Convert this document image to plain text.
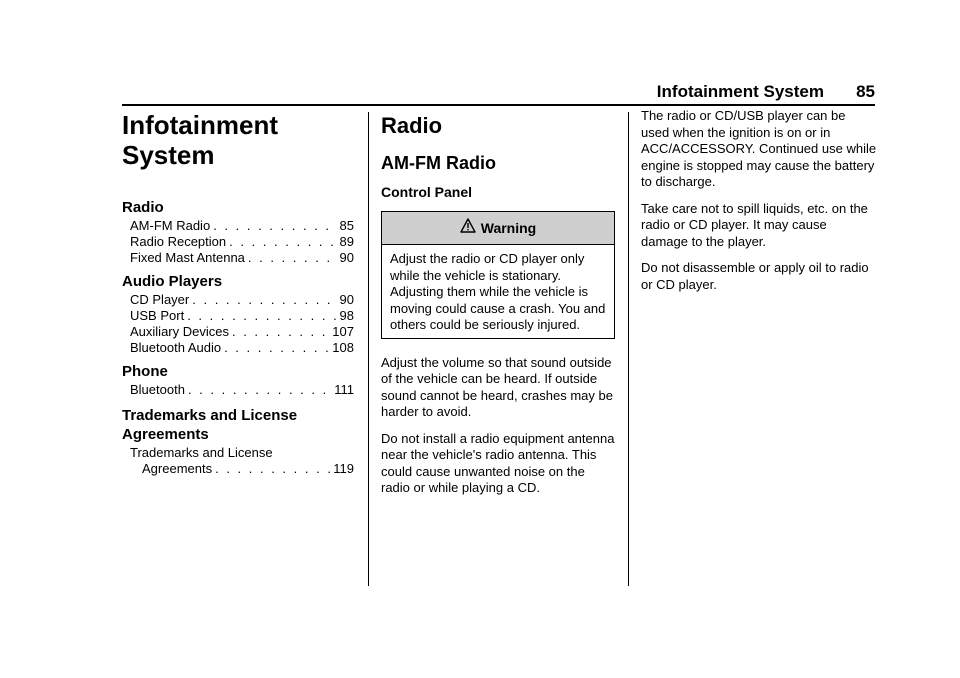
Infotainment System	85
Infotainment
System
Radio
AM-FM Radio . . .	85
Radio Reception . . .	89
Fixed Mast Antenna . . .	90
Audio Players
CD Player . . .	90
USB Port . . .	98
Auxiliary Devices . . .	107
Bluetooth Audio . . .	108
Phone
Bluetooth . . .	111
Trademarks and License
Agreements
Trademarks and License
Agreements . . .	119
Radio
AM-FM Radio
Control Panel
Warning
Adjust the radio or CD player only while the vehicle is stationary. Adjusting them while the vehicle is moving could cause a crash. You and others could be seriously injured.

Adjust the volume so that sound outside of the vehicle can be heard. If outside sound cannot be heard, crashes may be harder to avoid.

Do not install a radio equipment antenna near the vehicle's radio antenna. This could cause unwanted noise on the radio or while playing a CD.

The radio or CD/USB player can be used when the ignition is on or in ACC/ACCESSORY. Continued use while engine is stopped may cause the battery to discharge.

Take care not to spill liquids, etc. on the radio or CD player. It may cause damage to the player.

Do not disassemble or apply oil to radio or CD player.
